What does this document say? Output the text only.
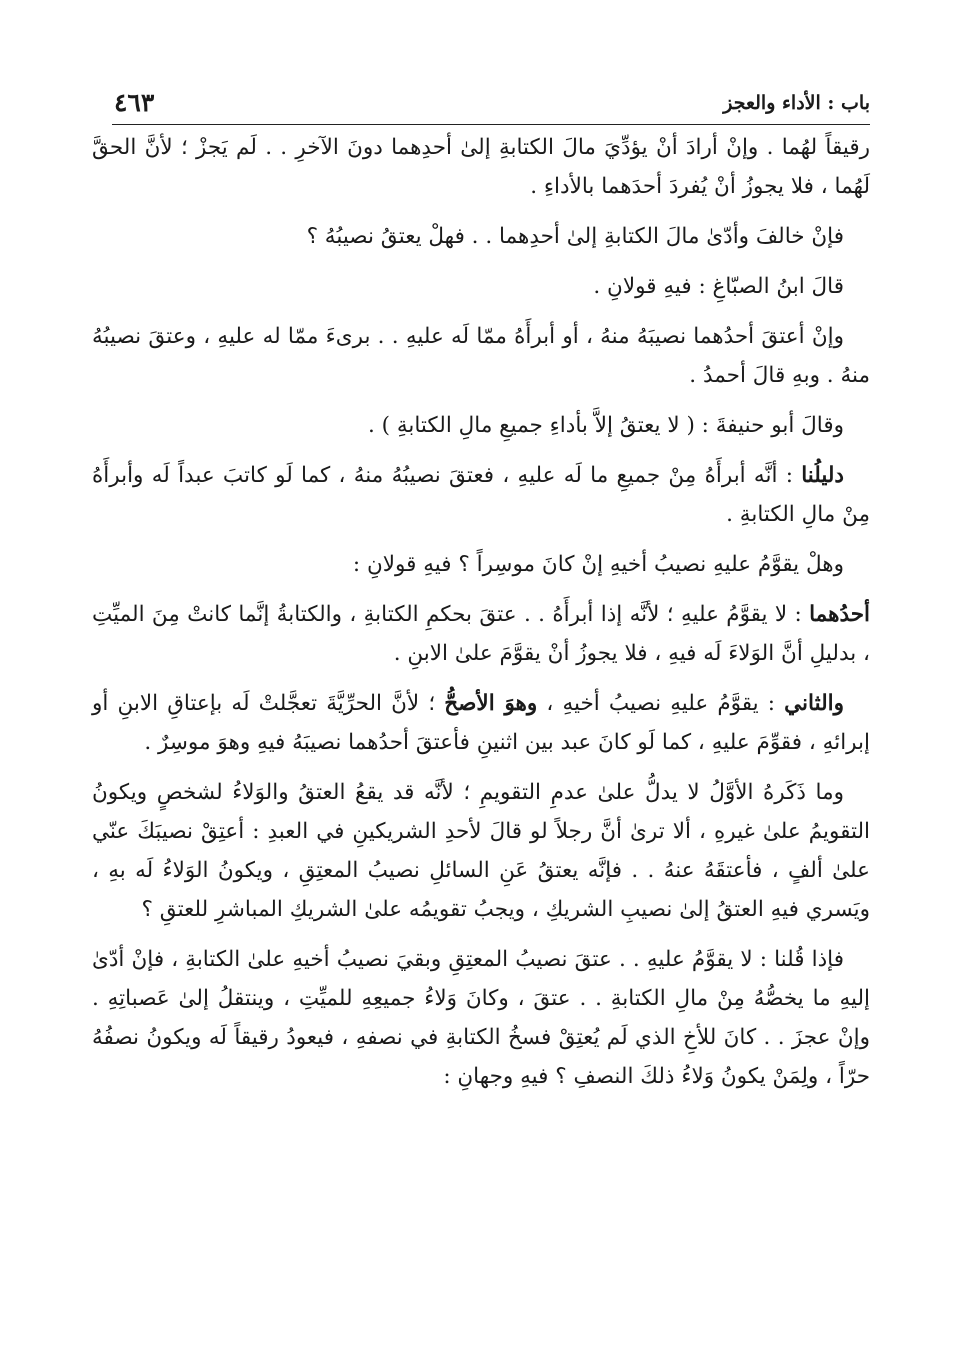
باب : الأداء والعجز
٤٦٣

رقيقاً لهُما . وإنْ أرادَ أنْ يؤدِّيَ مالَ الكتابةِ إلىٰ أحدِهما دونَ الآخرِ . . لَم يَجزْ ؛ لأنَّ الحقَّ لَهُما ، فلا يجوزُ أنْ يُفردَ أحدَهما بالأداءِ .

فإنْ خالفَ وأدّىٰ مالَ الكتابةِ إلىٰ أحدِهما . . فهلْ يعتقُ نصيبُهُ ؟

قالَ ابنُ الصبّاغِ : فيهِ قولانِ .

وإنْ أعتقَ أحدُهما نصيبَهُ منهُ ، أو أبرأَهُ ممّا لَه عليهِ . . برىءَ ممّا له عليهِ ، وعتقَ نصيبُهُ منهُ . وبهِ قالَ أحمدُ .

وقالَ أبو حنيفةَ : ( لا يعتقُ إلاَّ بأداءِ جميعِ مالِ الكتابةِ ) .

دليلُنا : أنَّه أبرأَهُ مِنْ جميعِ ما لَه عليهِ ، فعتقَ نصيبُهُ منهُ ، كما لَو كاتبَ عبداً لَه وأبرأَهُ مِنْ مالِ الكتابةِ .

وهلْ يقوَّمُ عليهِ نصيبُ أخيهِ إنْ كانَ موسِراً ؟ فيهِ قولانِ :

أحدُهما : لا يقوَّمُ عليهِ ؛ لأنَّه إذا أبرأَهُ . . عتقَ بحكمِ الكتابةِ ، والكتابةُ إنَّما كانتْ مِنَ الميِّتِ ، بدليلِ أنَّ الوَلاءَ لَه فيهِ ، فلا يجوزُ أنْ يقوَّمَ علىٰ الابنِ .

والثاني : يقوَّمُ عليهِ نصيبُ أخيهِ ، وهوَ الأصحُّ ؛ لأنَّ الحرِّيَّةَ تعجَّلتْ لَه بإعتاقِ الابنِ أو إبرائهِ ، فقوِّمَ عليهِ ، كما لَو كانَ عبد بين اثنينِ فأعتقَ أحدُهما نصيبَهُ فيهِ وهوَ موسِرٌ .

وما ذَكَرهُ الأوَّلُ لا يدلُّ علىٰ عدمِ التقويمِ ؛ لأنَّه قد يقعُ العتقُ والوَلاءُ لشخصٍ ويكونُ التقويمُ علىٰ غيرهِ ، ألا ترىٰ أنَّ رجلاً لو قالَ لأحدِ الشريكينِ في العبدِ : أعتِقْ نصيبَكَ عنّي علىٰ ألفٍ ، فأعتقَهُ عنهُ . . فإنَّه يعتقُ عَنِ السائلِ نصيبُ المعتِقِ ، ويكونُ الوَلاءُ لَه بهِ ، ويَسري فيهِ العتقُ إلىٰ نصيبِ الشريكِ ، ويجبُ تقويمُه علىٰ الشريكِ المباشرِ للعتقِ ؟

فإذا قُلنا : لا يقوَّمُ عليهِ . . عتقَ نصيبُ المعتِقِ وبقيَ نصيبُ أخيهِ علىٰ الكتابةِ ، فإنْ أدّىٰ إليهِ ما يخصُّهُ مِنْ مالِ الكتابةِ . . عتقَ ، وكانَ وَلاءُ جميعِهِ للميِّتِ ، وينتقلُ إلىٰ عَصباتِهِ . وإنْ عجزَ . . كانَ للأخِ الذي لَم يُعتِقْ فسخُ الكتابةِ في نصفهِ ، فيعودُ رقيقاً لَه ويكونُ نصفُهُ حرّاً ، ولِمَنْ يكونُ وَلاءُ ذلكَ النصفِ ؟ فيهِ وجهانِ :
